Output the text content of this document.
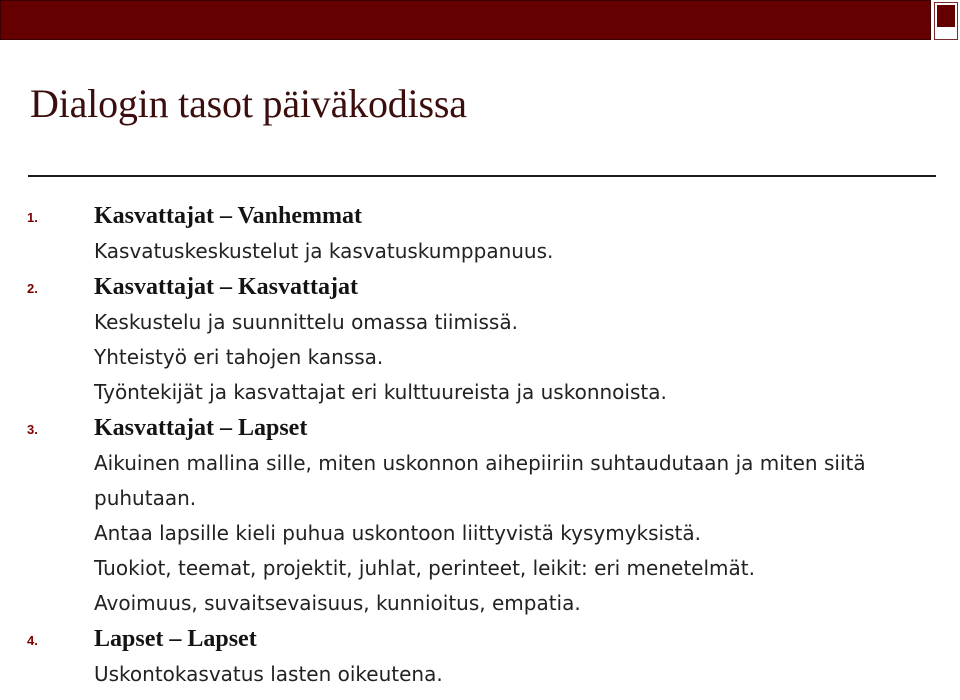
Dialogin tasot päiväkodissa
1. Kasvattajat – Vanhemmat

Kasvatuskeskustelut ja kasvatuskumppanuus.

2. Kasvattajat – Kasvattajat

Keskustelu ja suunnittelu omassa tiimissä.

Yhteistyö eri tahojen kanssa.

Työntekijät ja kasvattajat eri kulttuureista ja uskonnoista.

3. Kasvattajat – Lapset

Aikuinen mallina sille, miten uskonnon aihepiiriin suhtaudutaan ja miten siitä puhutaan.

Antaa lapsille kieli puhua uskontoon liittyvistä kysymyksistä.

Tuokiot, teemat, projektit, juhlat, perinteet, leikit: eri menetelmät.

Avoimuus, suvaitsevaisuus, kunnioitus, empatia.

4. Lapset – Lapset

Uskontokasvatus lasten oikeutena.
